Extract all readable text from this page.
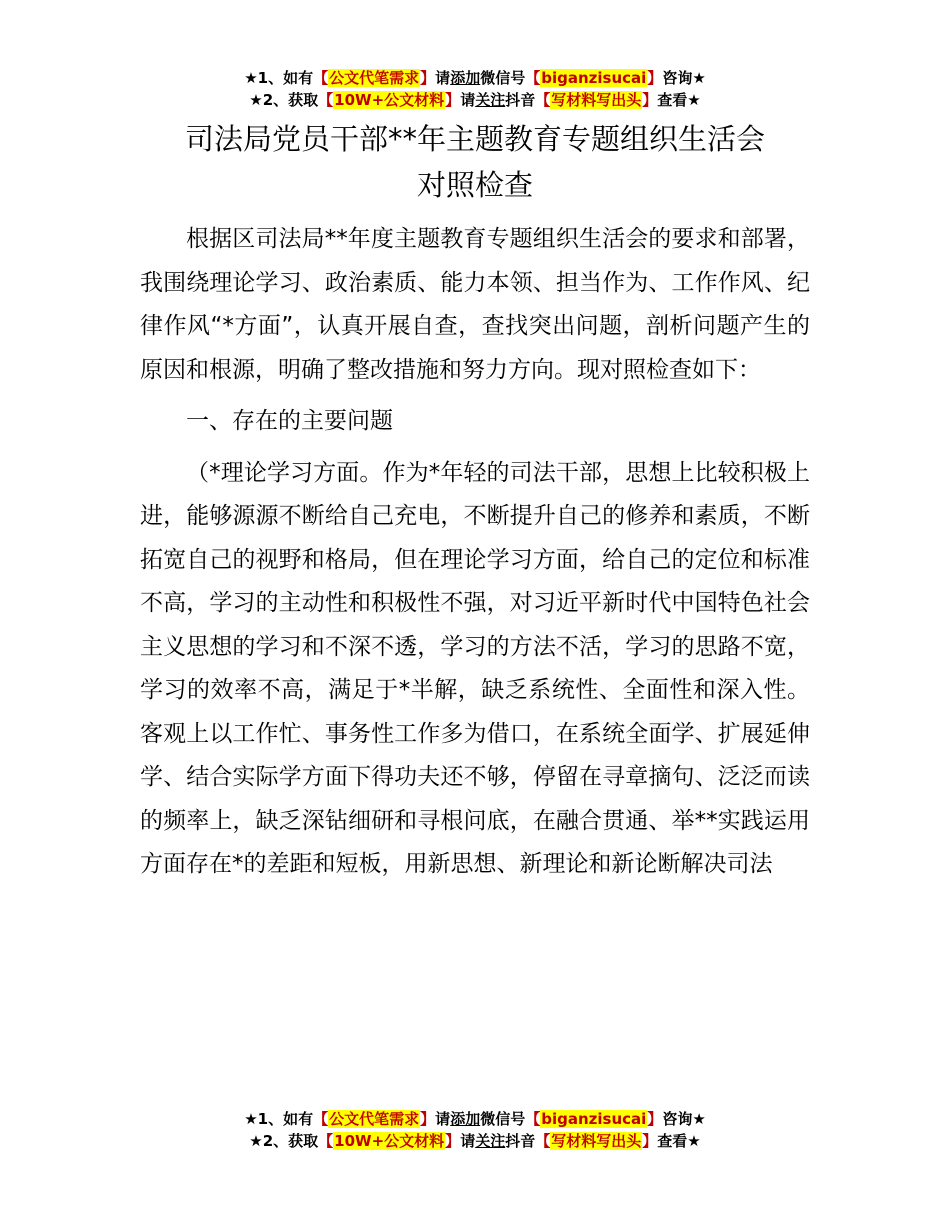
★1、如有【公文代笔需求】请添加微信号【biganzisucai】咨询★
★2、获取【10W+公文材料】请关注抖音【写材料写出头】查看★
司法局党员干部**年主题教育专题组织生活会
对照检查

根据区司法局**年度主题教育专题组织生活会的要求和部署，我围绕理论学习、政治素质、能力本领、担当作为、工作作风、纪律作风“*方面”，认真开展自查，查找突出问题，剖析问题产生的原因和根源，明确了整改措施和努力方向。现对照检查如下：

一、存在的主要问题

（*理论学习方面。作为*年轻的司法干部，思想上比较积极上进，能够源源不断给自己充电，不断提升自己的修养和素质，不断拓宽自己的视野和格局，但在理论学习方面，给自己的定位和标准不高，学习的主动性和积极性不强，对习近平新时代中国特色社会主义思想的学习和不深不透，学习的方法不活，学习的思路不宽，学习的效率不高，满足于*半解，缺乏系统性、全面性和深入性。客观上以工作忙、事务性工作多为借口，在系统全面学、扩展延伸学、结合实际学方面下得功夫还不够，停留在寻章摘句、泛泛而读的频率上，缺乏深钻细研和寻根问底，在融合贯通、举**实践运用方面存在*的差距和短板，用新思想、新理论和新论断解决司法

★1、如有【公文代笔需求】请添加微信号【biganzisucai】咨询★
★2、获取【10W+公文材料】请关注抖音【写材料写出头】查看★
